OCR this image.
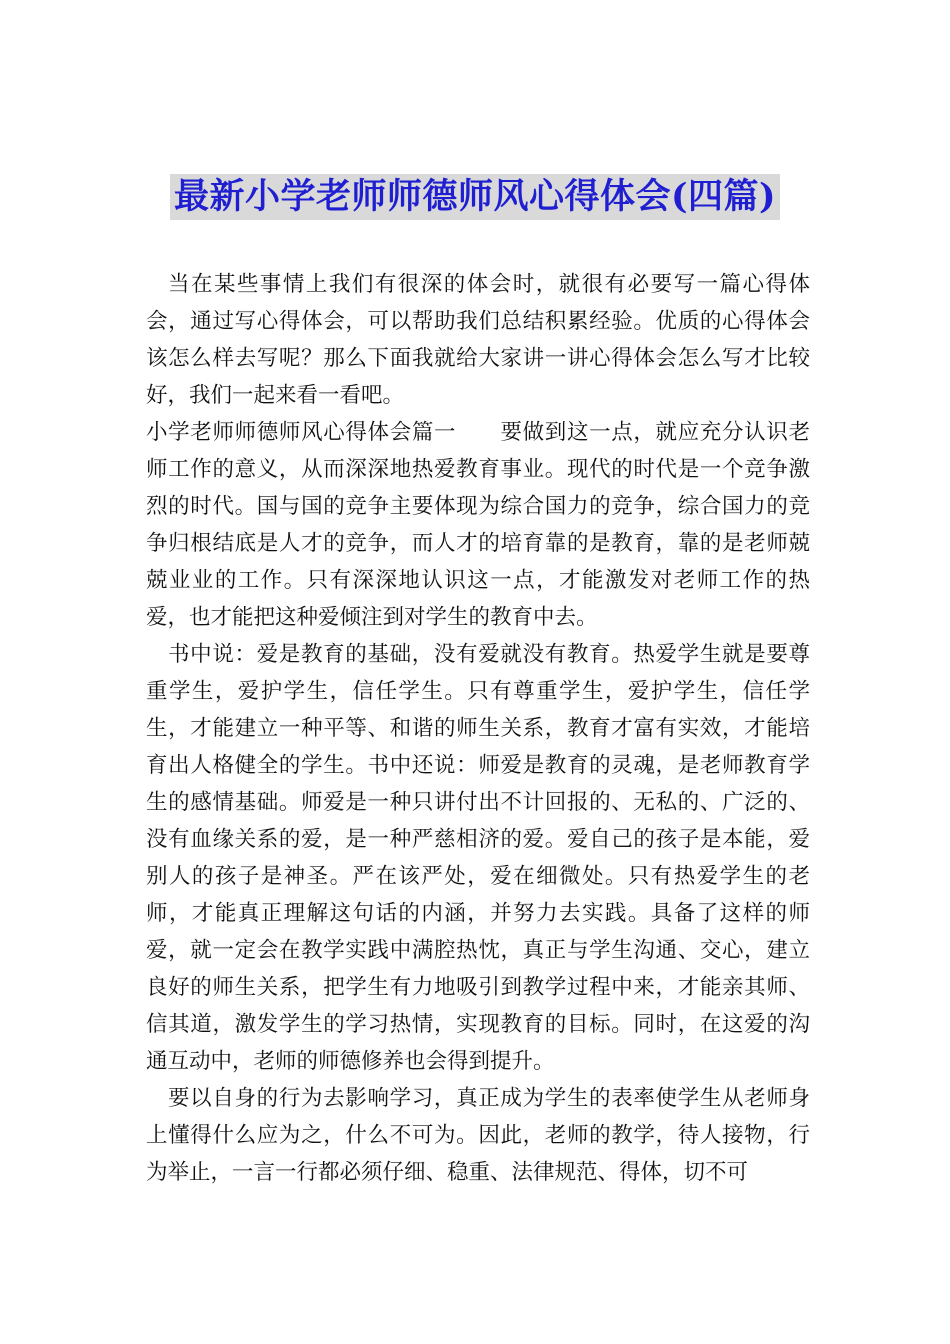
最新小学老师师德师风心得体会(四篇)

当在某些事情上我们有很深的体会时，就很有必要写一篇心得体会，通过写心得体会，可以帮助我们总结积累经验。优质的心得体会该怎么样去写呢？那么下面我就给大家讲一讲心得体会怎么写才比较好，我们一起来看一看吧。

小学老师师德师风心得体会篇一　　要做到这一点，就应充分认识老师工作的意义，从而深深地热爱教育事业。现代的时代是一个竞争激烈的时代。国与国的竞争主要体现为综合国力的竞争，综合国力的竞争归根结底是人才的竞争，而人才的培育靠的是教育，靠的是老师兢兢业业的工作。只有深深地认识这一点，才能激发对老师工作的热爱，也才能把这种爱倾注到对学生的教育中去。

书中说：爱是教育的基础，没有爱就没有教育。热爱学生就是要尊重学生，爱护学生，信任学生。只有尊重学生，爱护学生，信任学生，才能建立一种平等、和谐的师生关系，教育才富有实效，才能培育出人格健全的学生。书中还说：师爱是教育的灵魂，是老师教育学生的感情基础。师爱是一种只讲付出不计回报的、无私的、广泛的、没有血缘关系的爱，是一种严慈相济的爱。爱自己的孩子是本能，爱别人的孩子是神圣。严在该严处，爱在细微处。只有热爱学生的老师，才能真正理解这句话的内涵，并努力去实践。具备了这样的师爱，就一定会在教学实践中满腔热忱，真正与学生沟通、交心，建立良好的师生关系，把学生有力地吸引到教学过程中来，才能亲其师、信其道，激发学生的学习热情，实现教育的目标。同时，在这爱的沟通互动中，老师的师德修养也会得到提升。

要以自身的行为去影响学习，真正成为学生的表率使学生从老师身上懂得什么应为之，什么不可为。因此，老师的教学，待人接物，行为举止，一言一行都必须仔细、稳重、法律规范、得体，切不可
